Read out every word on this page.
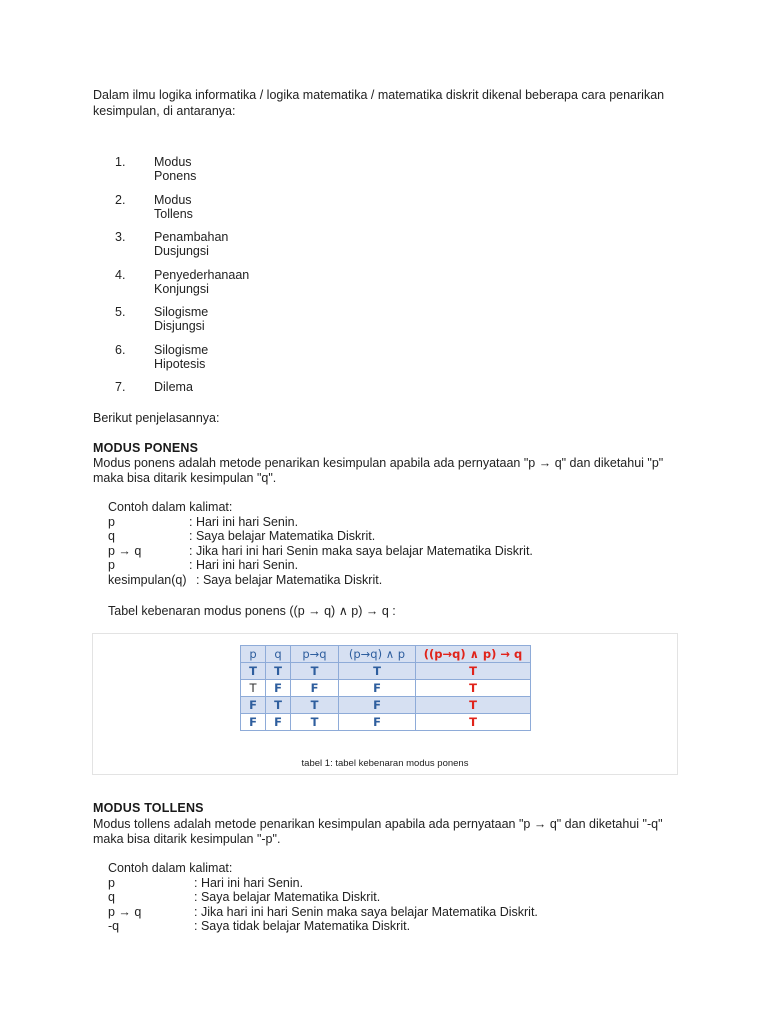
Dalam ilmu logika informatika / logika matematika / matematika diskrit dikenal beberapa cara penarikan kesimpulan, di antaranya:
1. Modus Ponens
2. Modus Tollens
3. Penambahan Dusjungsi
4. Penyederhanaan Konjungsi
5. Silogisme Disjungsi
6. Silogisme Hipotesis
7. Dilema
Berikut penjelasannya:
MODUS PONENS
Modus ponens adalah metode penarikan kesimpulan apabila ada pernyataan "p → q" dan diketahui "p" maka bisa ditarik kesimpulan "q".
Contoh dalam kalimat:
p	: Hari ini hari Senin.
q	: Saya belajar Matematika Diskrit.
p → q	: Jika hari ini hari Senin maka saya belajar Matematika Diskrit.
p	: Hari ini hari Senin.
kesimpulan(q) : Saya belajar Matematika Diskrit.
Tabel kebenaran modus ponens ((p → q) ∧ p) → q :
p	q	p→q	(p→q) ∧ p	((p→q) ∧ p) → q
T	T	T	T	T
T	F	F	F	T
F	T	T	F	T
F	F	T	F	T
tabel 1: tabel kebenaran modus ponens
MODUS TOLLENS
Modus tollens adalah metode penarikan kesimpulan apabila ada pernyataan "p → q" dan diketahui "-q" maka bisa ditarik kesimpulan "-p".
Contoh dalam kalimat:
p	: Hari ini hari Senin.
q	: Saya belajar Matematika Diskrit.
p → q	: Jika hari ini hari Senin maka saya belajar Matematika Diskrit.
-q	: Saya tidak belajar Matematika Diskrit.
